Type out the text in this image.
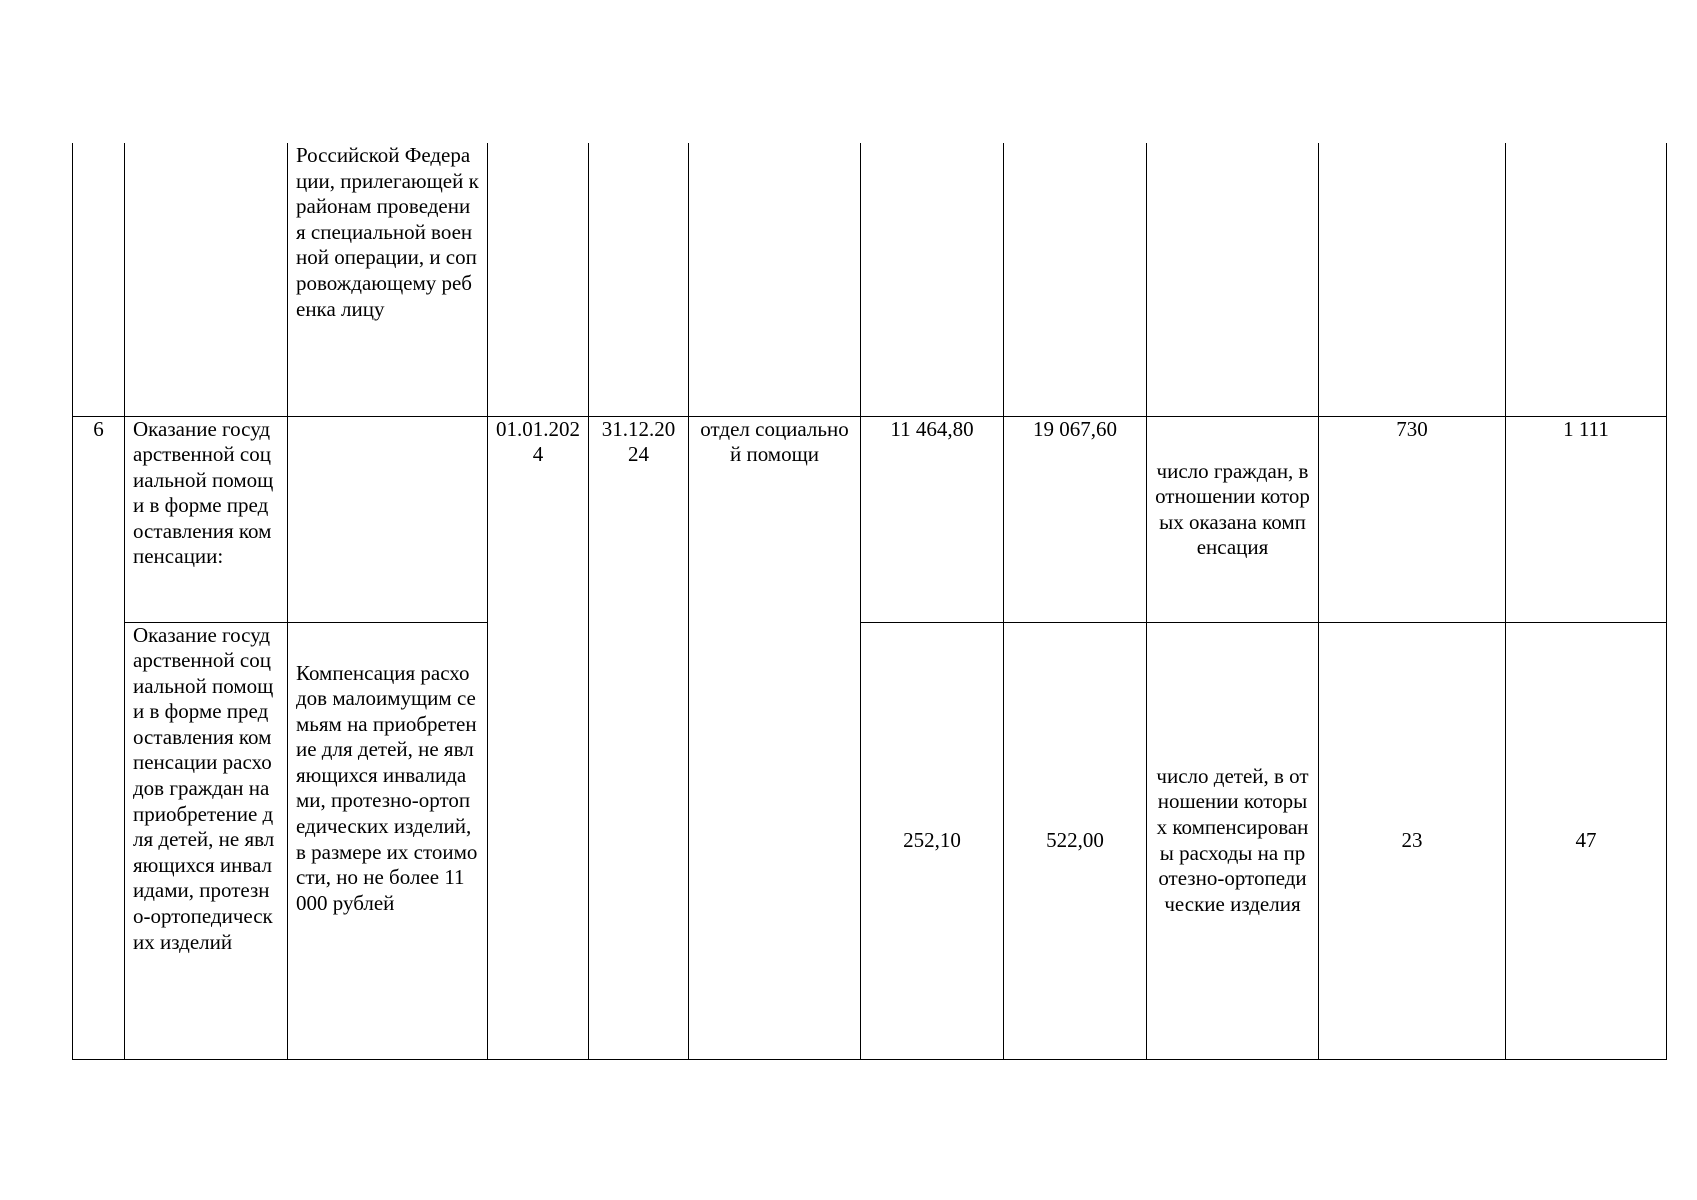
		Российской Федерации, прилегающей к районам проведения специальной военной операции, и сопровождающему ребенка лицу								
6	Оказание государственной социальной помощи в форме предоставления компенсации:		01.01.2024	31.12.2024	отдел социальной помощи	11 464,80	19 067,60	число граждан, в отношении которых оказана компенсация	730	1 111
	Оказание государственной социальной помощи в форме предоставления компенсации расходов граждан на приобретение для детей, не являющихся инвалидами, протезно-ортопедических изделий	Компенсация расходов малоимущим семьям на приобретение для детей, не являющихся инвалидами, протезно-ортопедических изделий, в размере их стоимости, но не более 11 000 рублей				252,10	522,00	число детей, в отношении которых компенсированы расходы на протезно-ортопедические изделия	23	47
